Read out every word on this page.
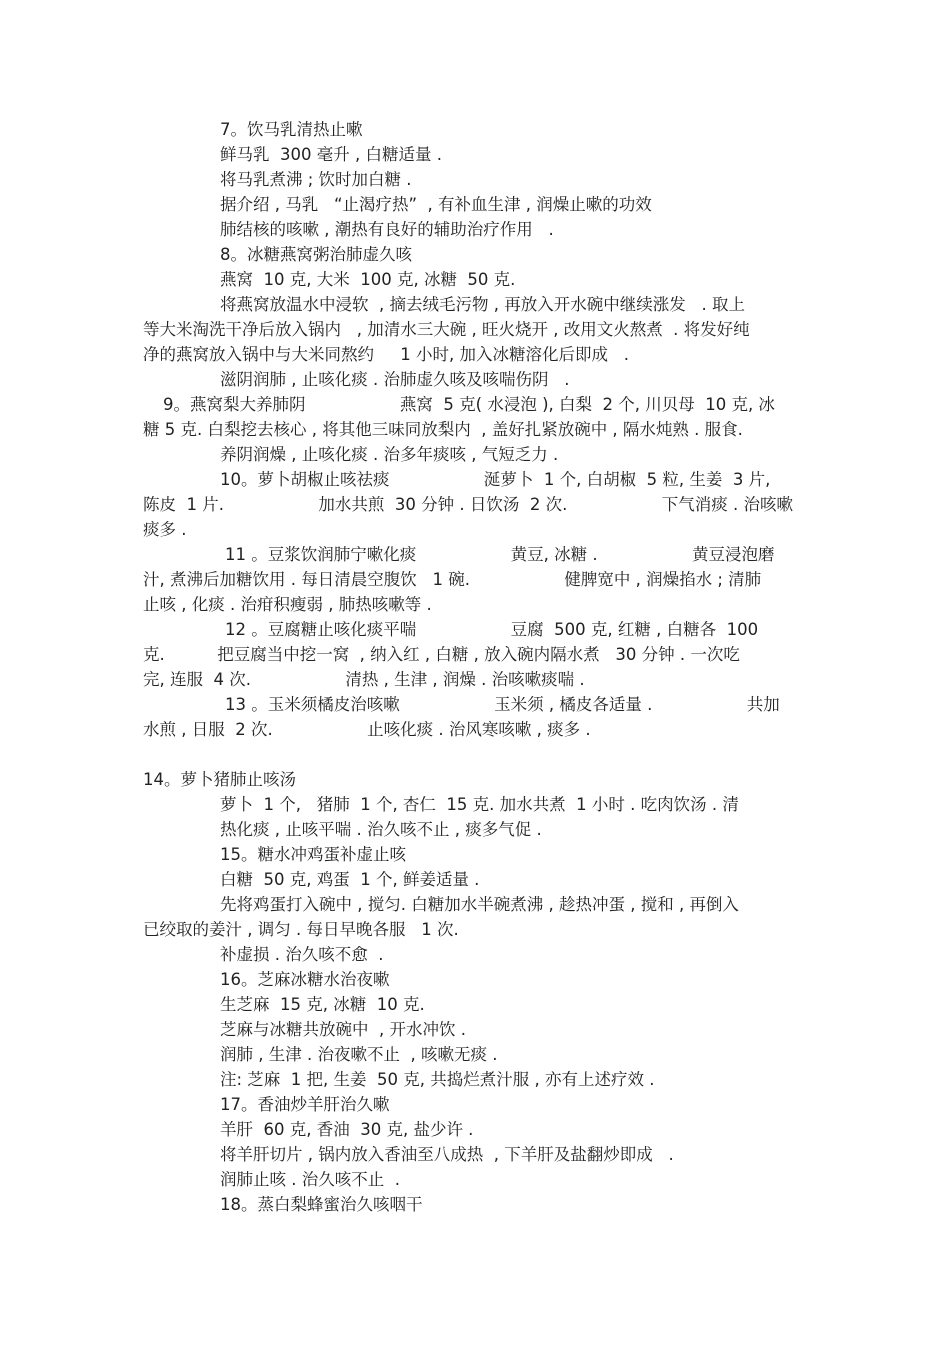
7。饮马乳清热止嗽
鲜马乳  300 毫升 , 白糖适量 .
将马乳煮沸 ; 饮时加白糖 .
据介绍 , 马乳   “止渴疗热”  , 有补血生津 , 润燥止嗽的功效
肺结核的咳嗽 , 潮热有良好的辅助治疗作用   .
8。冰糖燕窝粥治肺虚久咳
燕窝  10 克, 大米  100 克, 冰糖  50 克.
将燕窝放温水中浸软  , 摘去绒毛污物 , 再放入开水碗中继续涨发   . 取上
等大米淘洗干净后放入锅内   , 加清水三大碗 , 旺火烧开 , 改用文火熬煮  . 将发好纯
净的燕窝放入锅中与大米同熬约     1 小时, 加入冰糖溶化后即成   .
滋阴润肺 , 止咳化痰 . 治肺虚久咳及咳喘伤阴   .
9。燕窝梨大养肺阴                  燕窝  5 克( 水浸泡 ), 白梨  2 个, 川贝母  10 克, 冰
糖 5 克. 白梨挖去核心 , 将其他三味同放梨内  , 盖好扎紧放碗中 , 隔水炖熟 . 服食.
养阴润燥 , 止咳化痰 . 治多年痰咳 , 气短乏力 .
10。萝卜胡椒止咳祛痰                  涎萝卜  1 个, 白胡椒  5 粒, 生姜  3 片,
陈皮  1 片.                  加水共煎  30 分钟 . 日饮汤  2 次.                  下气消痰 . 治咳嗽
痰多 .
11 。豆浆饮润肺宁嗽化痰                  黄豆, 冰糖 .                  黄豆浸泡磨
汁, 煮沸后加糖饮用 . 每日清晨空腹饮   1 碗.                  健脾宽中 , 润燥掐水 ; 清肺
止咳 , 化痰 . 治疳积瘦弱 , 肺热咳嗽等 .
12 。豆腐糖止咳化痰平喘                  豆腐  500 克, 红糖 , 白糖各  100
克.          把豆腐当中挖一窝  , 纳入红 , 白糖 , 放入碗内隔水煮   30 分钟 . 一次吃
完, 连服  4 次.                  清热 , 生津 , 润燥 . 治咳嗽痰喘 .
13 。玉米须橘皮治咳嗽                  玉米须 , 橘皮各适量 .                  共加
水煎 , 日服  2 次.                  止咳化痰 . 治风寒咳嗽 , 痰多 .
14。萝卜猪肺止咳汤
萝卜  1 个,   猪肺  1 个, 杏仁  15 克. 加水共煮  1 小时 . 吃肉饮汤 . 清
热化痰 , 止咳平喘 . 治久咳不止 , 痰多气促 .
15。糖水冲鸡蛋补虚止咳
白糖  50 克, 鸡蛋  1 个, 鲜姜适量 .
先将鸡蛋打入碗中 , 搅匀. 白糖加水半碗煮沸 , 趁热冲蛋 , 搅和 , 再倒入
已绞取的姜汁 , 调匀 . 每日早晚各服   1 次.
补虚损 . 治久咳不愈  .
16。芝麻冰糖水治夜嗽
生芝麻  15 克, 冰糖  10 克.
芝麻与冰糖共放碗中  , 开水冲饮 .
润肺 , 生津 . 治夜嗽不止  , 咳嗽无痰 .
注: 芝麻  1 把, 生姜  50 克, 共捣烂煮汁服 , 亦有上述疗效 .
17。香油炒羊肝治久嗽
羊肝  60 克, 香油  30 克, 盐少许 .
将羊肝切片 , 锅内放入香油至八成热  , 下羊肝及盐翻炒即成   .
润肺止咳 . 治久咳不止  .
18。蒸白梨蜂蜜治久咳咽干
